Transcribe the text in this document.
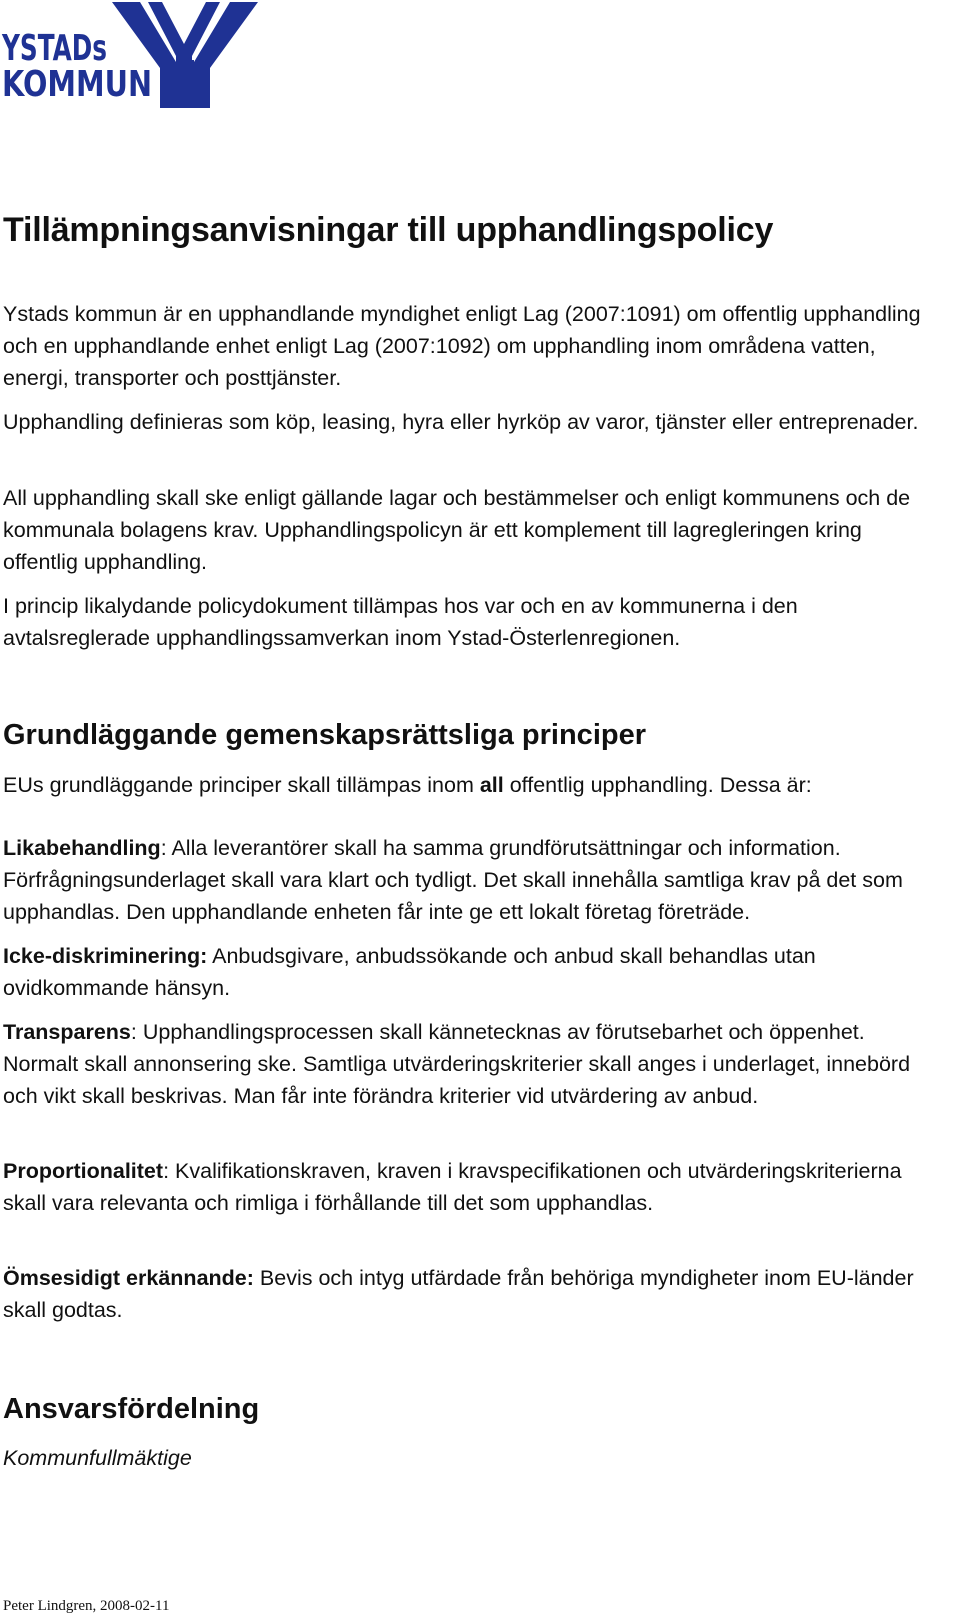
YSTADs
KOMMUN
Tillämpningsanvisningar till upphandlingspolicy

Ystads kommun är en upphandlande myndighet enligt Lag (2007:1091) om offentlig upphandling och en upphandlande enhet enligt Lag (2007:1092) om upphandling inom områdena vatten, energi, transporter och posttjänster.

Upphandling definieras som köp, leasing, hyra eller hyrköp av varor, tjänster eller entreprenader.

All upphandling skall ske enligt gällande lagar och bestämmelser och enligt kommunens och de kommunala bolagens krav. Upphandlingspolicyn är ett komplement till lagregleringen kring offentlig upphandling.

I princip likalydande policydokument tillämpas hos var och en av kommunerna i den avtalsreglerade upphandlingssamverkan inom Ystad-Österlenregionen.

Grundläggande gemenskapsrättsliga principer

EUs grundläggande principer skall tillämpas inom all offentlig upphandling. Dessa är:

Likabehandling: Alla leverantörer skall ha samma grundförutsättningar och information. Förfrågningsunderlaget skall vara klart och tydligt. Det skall innehålla samtliga krav på det som upphandlas. Den upphandlande enheten får inte ge ett lokalt företag företräde.

Icke-diskriminering: Anbudsgivare, anbudssökande och anbud skall behandlas utan ovidkommande hänsyn.

Transparens: Upphandlingsprocessen skall kännetecknas av förutsebarhet och öppenhet. Normalt skall annonsering ske. Samtliga utvärderingskriterier skall anges i underlaget, innebörd och vikt skall beskrivas. Man får inte förändra kriterier vid utvärdering av anbud.

Proportionalitet: Kvalifikationskraven, kraven i kravspecifikationen och utvärderingskriterierna skall vara relevanta och rimliga i förhållande till det som upphandlas.

Ömsesidigt erkännande: Bevis och intyg utfärdade från behöriga myndigheter inom EU-länder skall godtas.

Ansvarsfördelning

Kommunfullmäktige

Peter Lindgren, 2008-02-11
